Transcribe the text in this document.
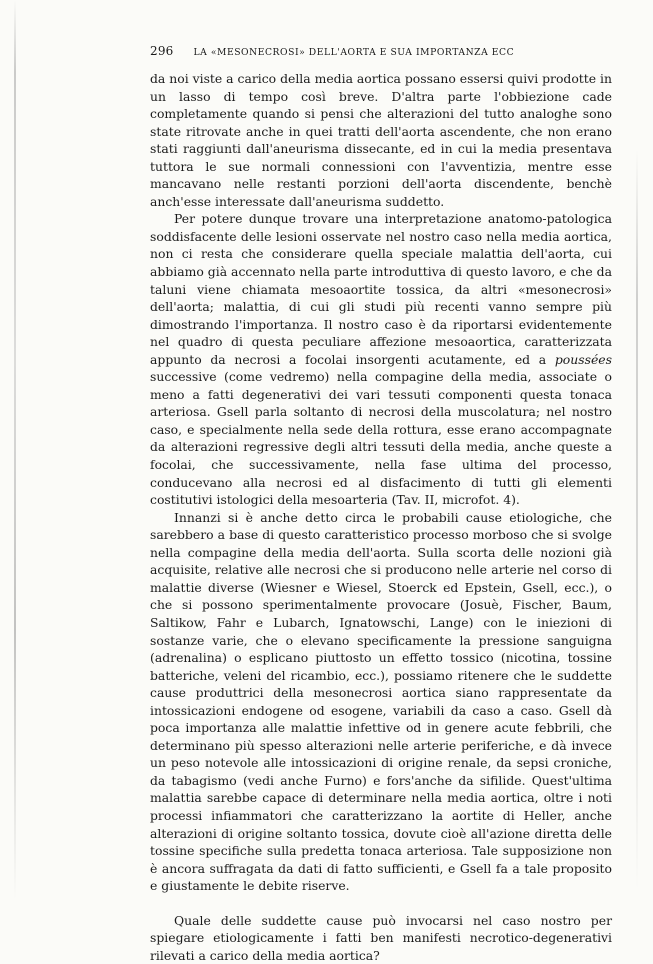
296 LA «MESONECROSI» DELL'AORTA E SUA IMPORTANZA ECC

da noi viste a carico della media aortica possano essersi quivi prodotte in un lasso di tempo così breve. D'altra parte l'obbiezione cade completamente quando si pensi che alterazioni del tutto analoghe sono state ritrovate anche in quei tratti dell'aorta ascendente, che non erano stati raggiunti dall'aneurisma dissecante, ed in cui la media presentava tuttora le sue normali connessioni con l'avventizia, mentre esse mancavano nelle restanti porzioni dell'aorta discendente, benchè anch'esse interessate dall'aneurisma suddetto.

Per potere dunque trovare una interpretazione anatomo-patologica soddisfacente delle lesioni osservate nel nostro caso nella media aortica, non ci resta che considerare quella speciale malattia dell'aorta, cui abbiamo già accennato nella parte introduttiva di questo lavoro, e che da taluni viene chiamata mesoaortite tossica, da altri «mesonecrosi» dell'aorta; malattia, di cui gli studi più recenti vanno sempre più dimostrando l'importanza. Il nostro caso è da riportarsi evidentemente nel quadro di questa peculiare affezione mesoaortica, caratterizzata appunto da necrosi a focolai insorgenti acutamente, ed a poussées successive (come vedremo) nella compagine della media, associate o meno a fatti degenerativi dei vari tessuti componenti questa tonaca arteriosa. Gsell parla soltanto di necrosi della muscolatura; nel nostro caso, e specialmente nella sede della rottura, esse erano accompagnate da alterazioni regressive degli altri tessuti della media, anche queste a focolai, che successivamente, nella fase ultima del processo, conducevano alla necrosi ed al disfacimento di tutti gli elementi costitutivi istologici della mesoarteria (Tav. II, microfot. 4).

Innanzi si è anche detto circa le probabili cause etiologiche, che sarebbero a base di questo caratteristico processo morboso che si svolge nella compagine della media dell'aorta. Sulla scorta delle nozioni già acquisite, relative alle necrosi che si producono nelle arterie nel corso di malattie diverse (Wiesner e Wiesel, Stoerck ed Epstein, Gsell, ecc.), o che si possono sperimentalmente provocare (Josuè, Fischer, Baum, Saltikow, Fahr e Lubarch, Ignatowschi, Lange) con le iniezioni di sostanze varie, che o elevano specificamente la pressione sanguigna (adrenalina) o esplicano piuttosto un effetto tossico (nicotina, tossine batteriche, veleni del ricambio, ecc.), possiamo ritenere che le suddette cause produttrici della mesonecrosi aortica siano rappresentate da intossicazioni endogene od esogene, variabili da caso a caso. Gsell dà poca importanza alle malattie infettive od in genere acute febbrili, che determinano più spesso alterazioni nelle arterie periferiche, e dà invece un peso notevole alle intossicazioni di origine renale, da sepsi croniche, da tabagismo (vedi anche Furno) e fors'anche da sifilide. Quest'ultima malattia sarebbe capace di determinare nella media aortica, oltre i noti processi infiammatori che caratterizzano la aortite di Heller, anche alterazioni di origine soltanto tossica, dovute cioè all'azione diretta delle tossine specifiche sulla predetta tonaca arteriosa. Tale supposizione non è ancora suffragata da dati di fatto sufficienti, e Gsell fa a tale proposito e giustamente le debite riserve.

Quale delle suddette cause può invocarsi nel caso nostro per spiegare etiologicamente i fatti ben manifesti necrotico-degenerativi rilevati a carico della media aortica?
